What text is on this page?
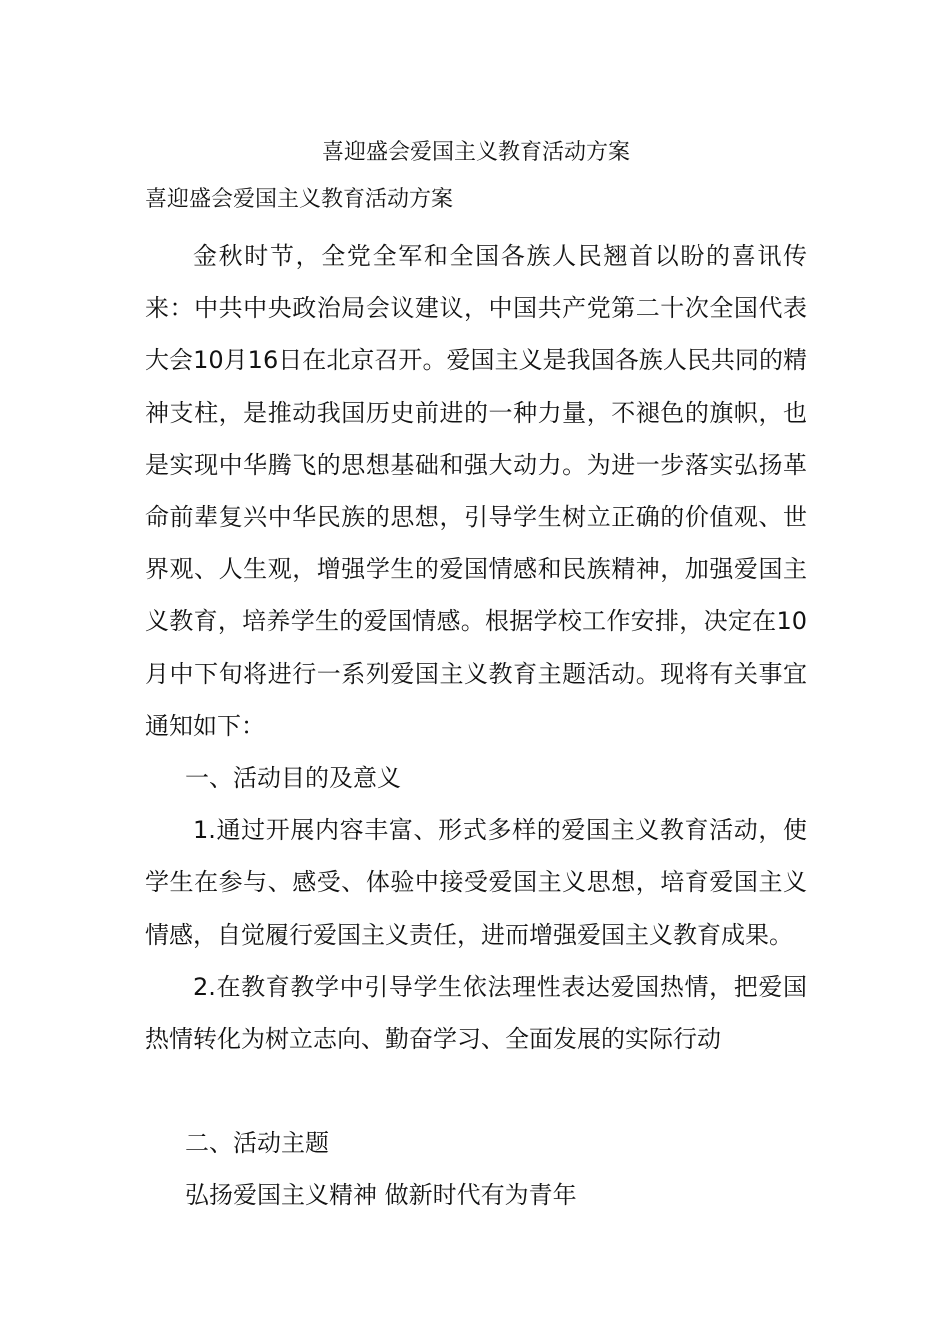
喜迎盛会爱国主义教育活动方案
喜迎盛会爱国主义教育活动方案

金秋时节，全党全军和全国各族人民翘首以盼的喜讯传来：中共中央政治局会议建议，中国共产党第二十次全国代表大会10月16日在北京召开。爱国主义是我国各族人民共同的精神支柱，是推动我国历史前进的一种力量，不褪色的旗帜，也是实现中华腾飞的思想基础和强大动力。为进一步落实弘扬革命前辈复兴中华民族的思想，引导学生树立正确的价值观、世界观、人生观，增强学生的爱国情感和民族精神，加强爱国主义教育，培养学生的爱国情感。根据学校工作安排，决定在10月中下旬将进行一系列爱国主义教育主题活动。现将有关事宜通知如下：

一、活动目的及意义

1.通过开展内容丰富、形式多样的爱国主义教育活动，使学生在参与、感受、体验中接受爱国主义思想，培育爱国主义情感，自觉履行爱国主义责任，进而增强爱国主义教育成果。

2.在教育教学中引导学生依法理性表达爱国热情，把爱国热情转化为树立志向、勤奋学习、全面发展的实际行动

二、活动主题

弘扬爱国主义精神 做新时代有为青年
